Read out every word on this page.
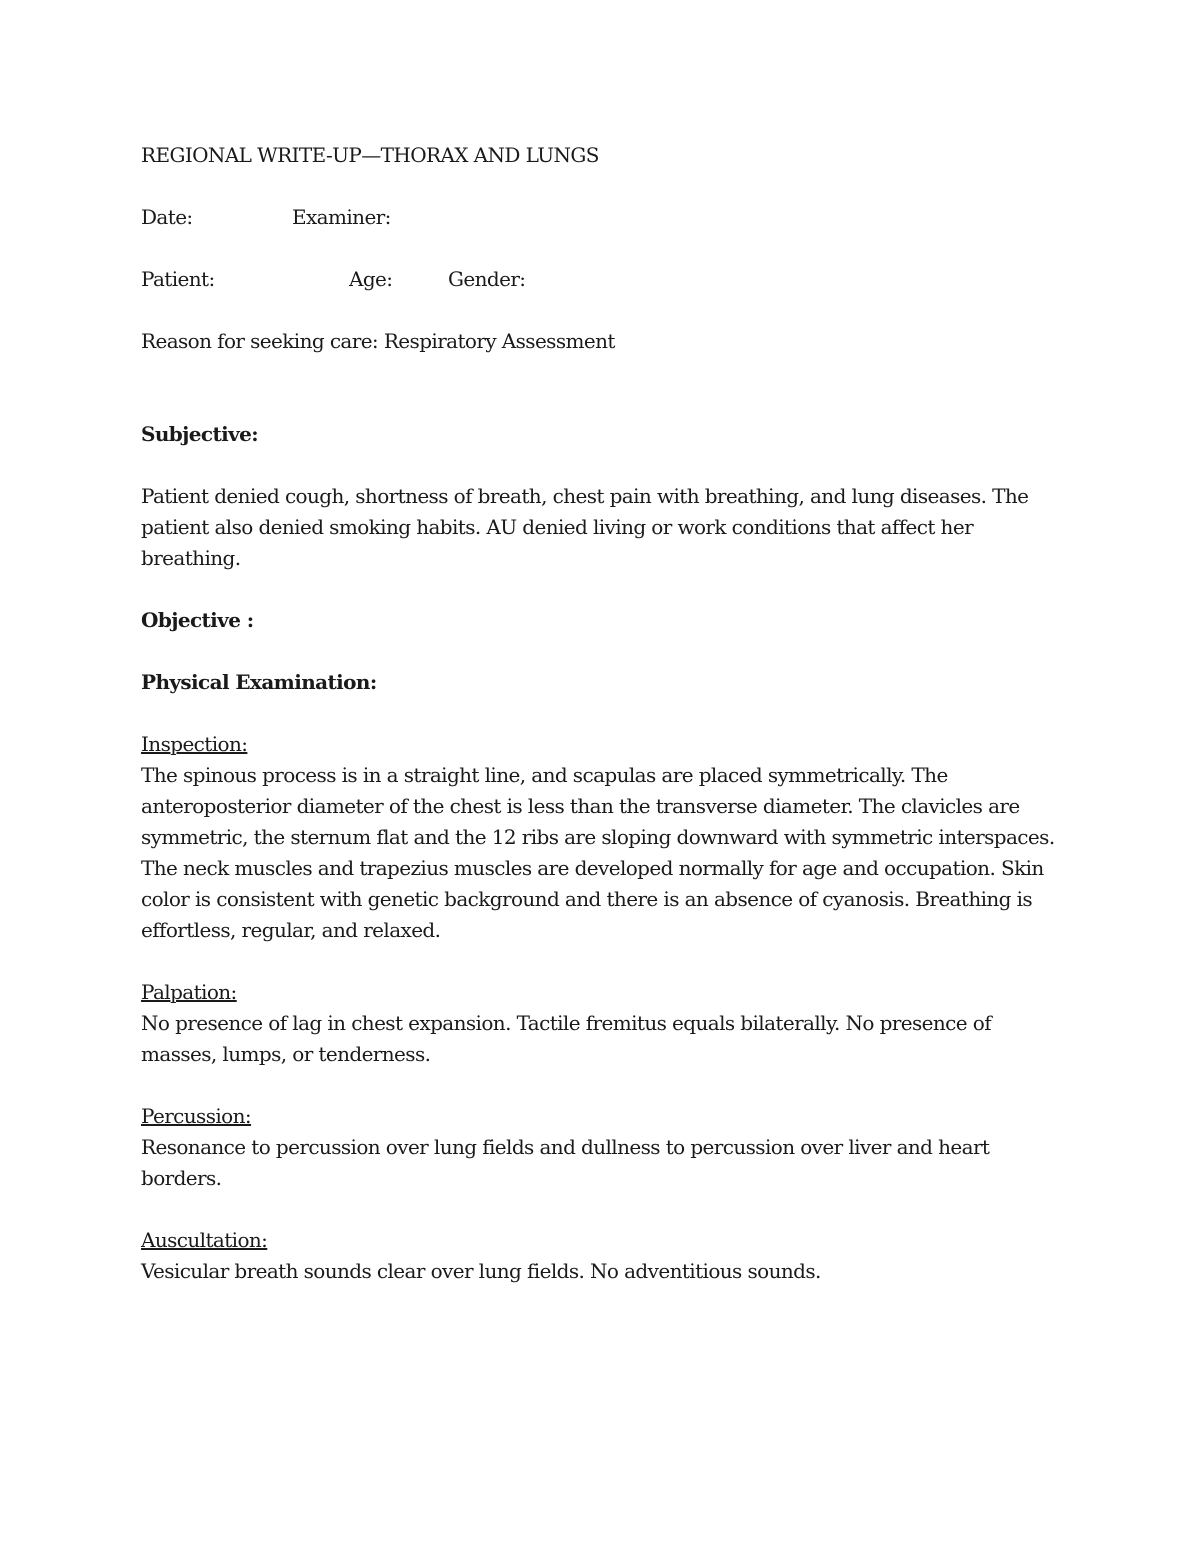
REGIONAL WRITE-UP—THORAX AND LUNGS

Date:	Examiner:
Patient:	Age:	Gender:

Reason for seeking care: Respiratory Assessment

Subjective:

Patient denied cough, shortness of breath, chest pain with breathing, and lung diseases. The patient also denied smoking habits. AU denied living or work conditions that affect her breathing.

Objective :

Physical Examination:

Inspection:

The spinous process is in a straight line, and scapulas are placed symmetrically. The anteroposterior diameter of the chest is less than the transverse diameter. The clavicles are symmetric, the sternum flat and the 12 ribs are sloping downward with symmetric interspaces. The neck muscles and trapezius muscles are developed normally for age and occupation. Skin color is consistent with genetic background and there is an absence of cyanosis. Breathing is effortless, regular, and relaxed.

Palpation:

No presence of lag in chest expansion. Tactile fremitus equals bilaterally. No presence of masses, lumps, or tenderness.

Percussion:

Resonance to percussion over lung fields and dullness to percussion over liver and heart borders.

Auscultation:

Vesicular breath sounds clear over lung fields. No adventitious sounds.
